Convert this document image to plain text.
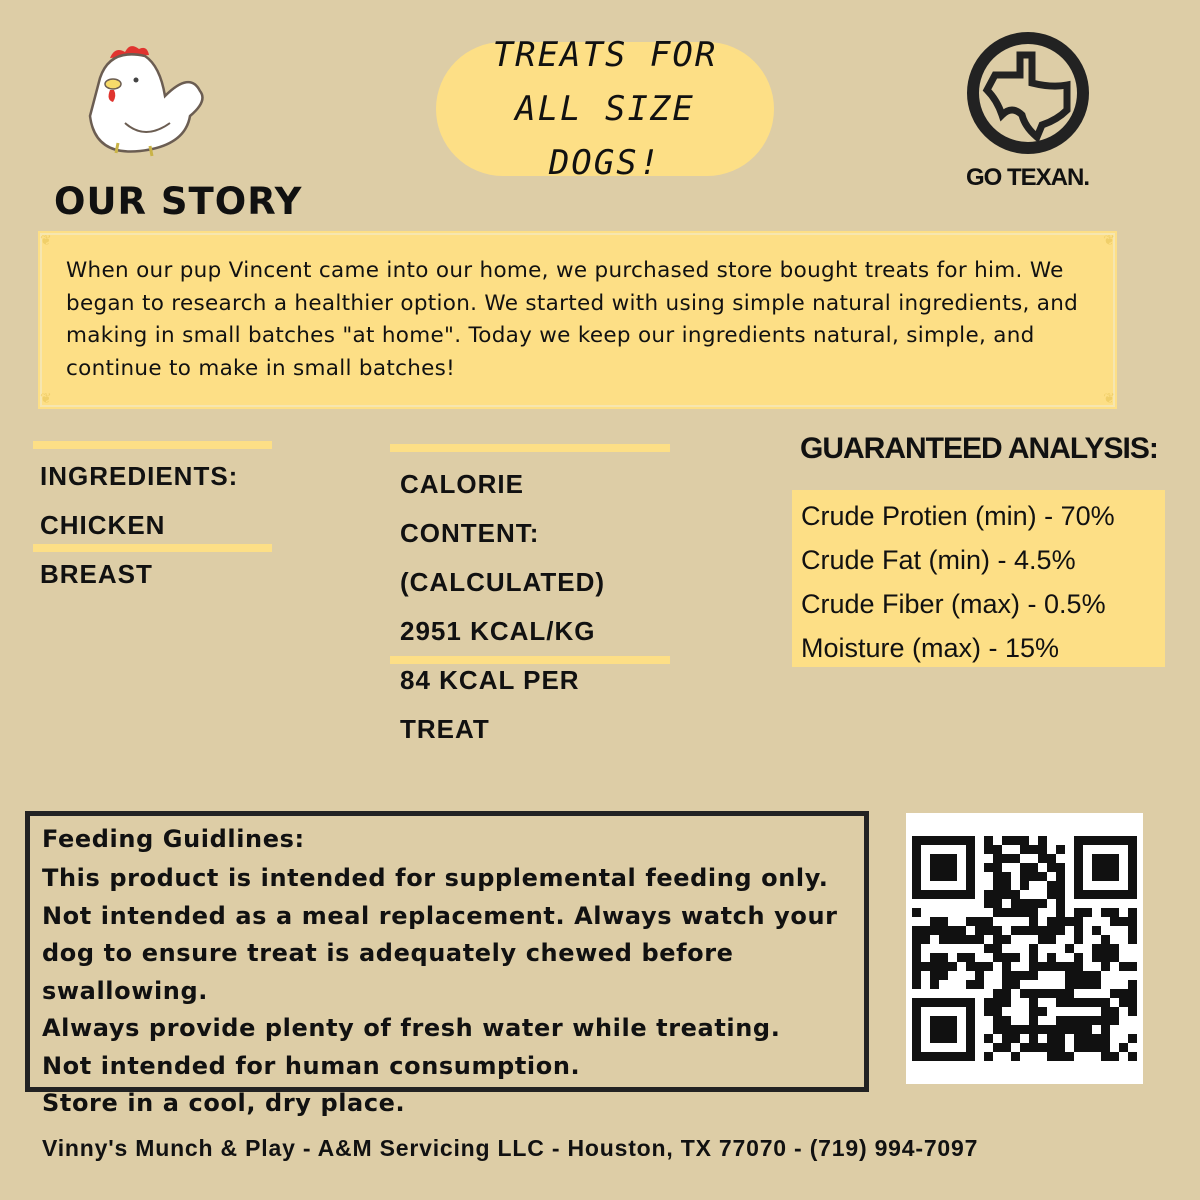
OUR STORY
TREATS FOR ALL SIZE DOGS!	GO TEXAN.
❦	❦
❦	❦

When our pup Vincent came into our home, we purchased store bought treats for him. We began to research a healthier option. We started with using simple natural ingredients, and making in small batches "at home". Today we keep our ingredients natural, simple, and continue to make in small batches!

INGREDIENTS:
CHICKEN BREAST
CALORIE CONTENT:
(CALCULATED)
2951 KCAL/KG
84 KCAL PER TREAT
GUARANTEED ANALYSIS:
Crude Protien (min) - 70%
Crude Fat (min) - 4.5%
Crude Fiber (max) - 0.5%
Moisture (max) - 15%
Feeding Guidlines:
This product is intended for supplemental feeding only. Not intended as a meal replacement. Always watch your dog to ensure treat is adequately chewed before swallowing.
Always provide plenty of fresh water while treating.
Not intended for human consumption.
Store in a cool, dry place.
Vinny's Munch & Play - A&M Servicing LLC - Houston, TX 77070 - (719) 994-7097
